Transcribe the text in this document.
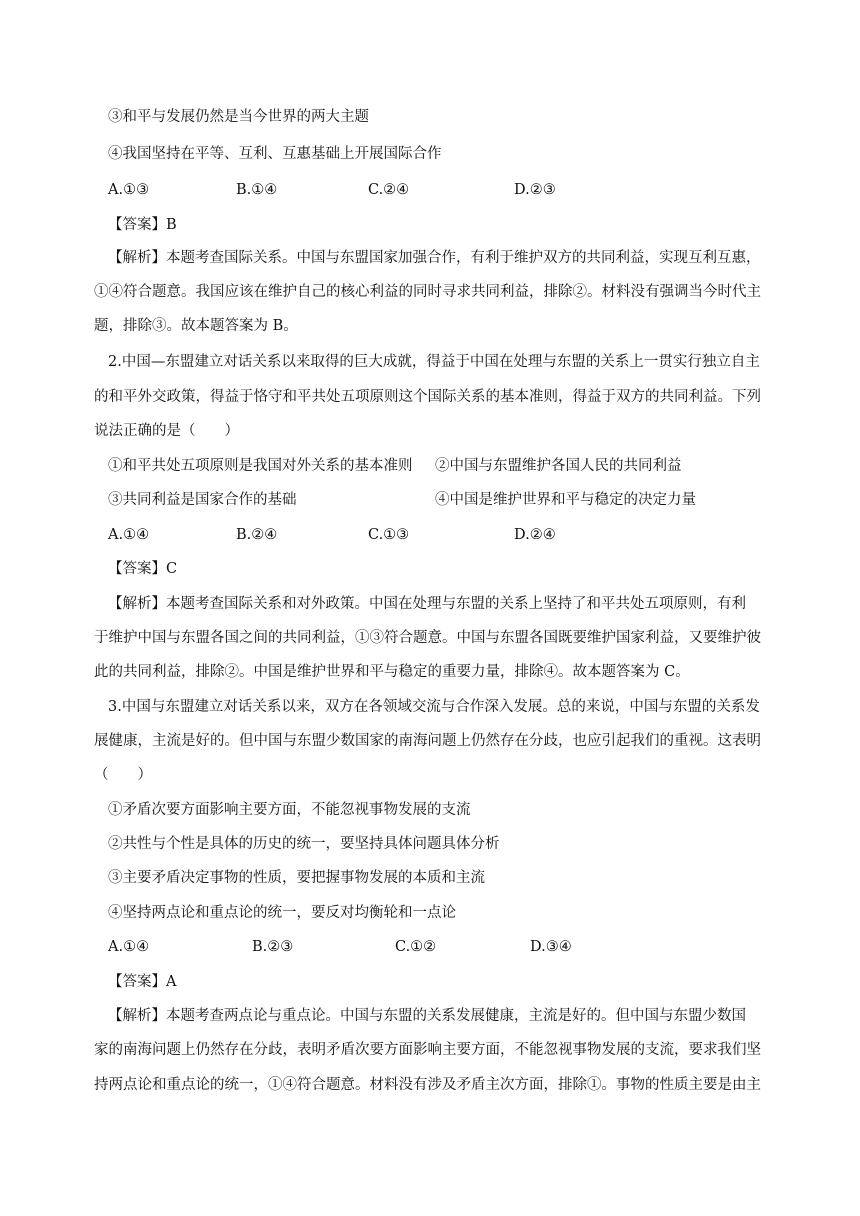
③和平与发展仍然是当今世界的两大主题
④我国坚持在平等、互利、互惠基础上开展国际合作
A.①③	B.①④	C.②④	D.②③
【答案】B
【解析】本题考查国际关系。中国与东盟国家加强合作，有利于维护双方的共同利益，实现互利互惠，
①④符合题意。我国应该在维护自己的核心利益的同时寻求共同利益，排除②。材料没有强调当今时代主
题，排除③。故本题答案为 B。
2.中国—东盟建立对话关系以来取得的巨大成就，得益于中国在处理与东盟的关系上一贯实行独立自主
的和平外交政策，得益于恪守和平共处五项原则这个国际关系的基本准则，得益于双方的共同利益。下列
说法正确的是（　　）
①和平共处五项原则是我国对外关系的基本准则 ②中国与东盟维护各国人民的共同利益
③共同利益是国家合作的基础	④中国是维护世界和平与稳定的决定力量
A.①④	B.②④	C.①③	D.②④
【答案】C
【解析】本题考查国际关系和对外政策。中国在处理与东盟的关系上坚持了和平共处五项原则，有利
于维护中国与东盟各国之间的共同利益，①③符合题意。中国与东盟各国既要维护国家利益，又要维护彼
此的共同利益，排除②。中国是维护世界和平与稳定的重要力量，排除④。故本题答案为 C。
3.中国与东盟建立对话关系以来，双方在各领域交流与合作深入发展。总的来说，中国与东盟的关系发
展健康，主流是好的。但中国与东盟少数国家的南海问题上仍然存在分歧，也应引起我们的重视。这表明
（　　）
①矛盾次要方面影响主要方面，不能忽视事物发展的支流
②共性与个性是具体的历史的统一，要坚持具体问题具体分析
③主要矛盾决定事物的性质，要把握事物发展的本质和主流
④坚持两点论和重点论的统一，要反对均衡轮和一点论
A.①④	B.②③	C.①②	D.③④
【答案】A
【解析】本题考查两点论与重点论。中国与东盟的关系发展健康，主流是好的。但中国与东盟少数国
家的南海问题上仍然存在分歧，表明矛盾次要方面影响主要方面，不能忽视事物发展的支流，要求我们坚
持两点论和重点论的统一，①④符合题意。材料没有涉及矛盾主次方面，排除①。事物的性质主要是由主
